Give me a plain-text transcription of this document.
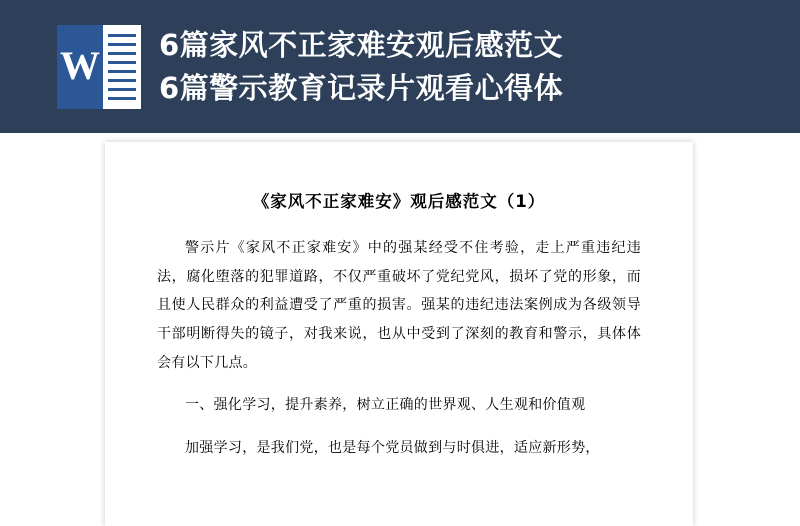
W 6篇家风不正家难安观后感范文
6篇警示教育记录片观看心得体
《家风不正家难安》观后感范文（1）

警示片《家风不正家难安》中的强某经受不住考验，走上严重违纪违法，腐化堕落的犯罪道路，不仅严重破坏了党纪党风，损坏了党的形象，而且使人民群众的利益遭受了严重的损害。强某的违纪违法案例成为各级领导干部明断得失的镜子，对我来说，也从中受到了深刻的教育和警示，具体体会有以下几点。

一、强化学习，提升素养，树立正确的世界观、人生观和价值观

加强学习，是我们党，也是每个党员做到与时俱进，适应新形势，
